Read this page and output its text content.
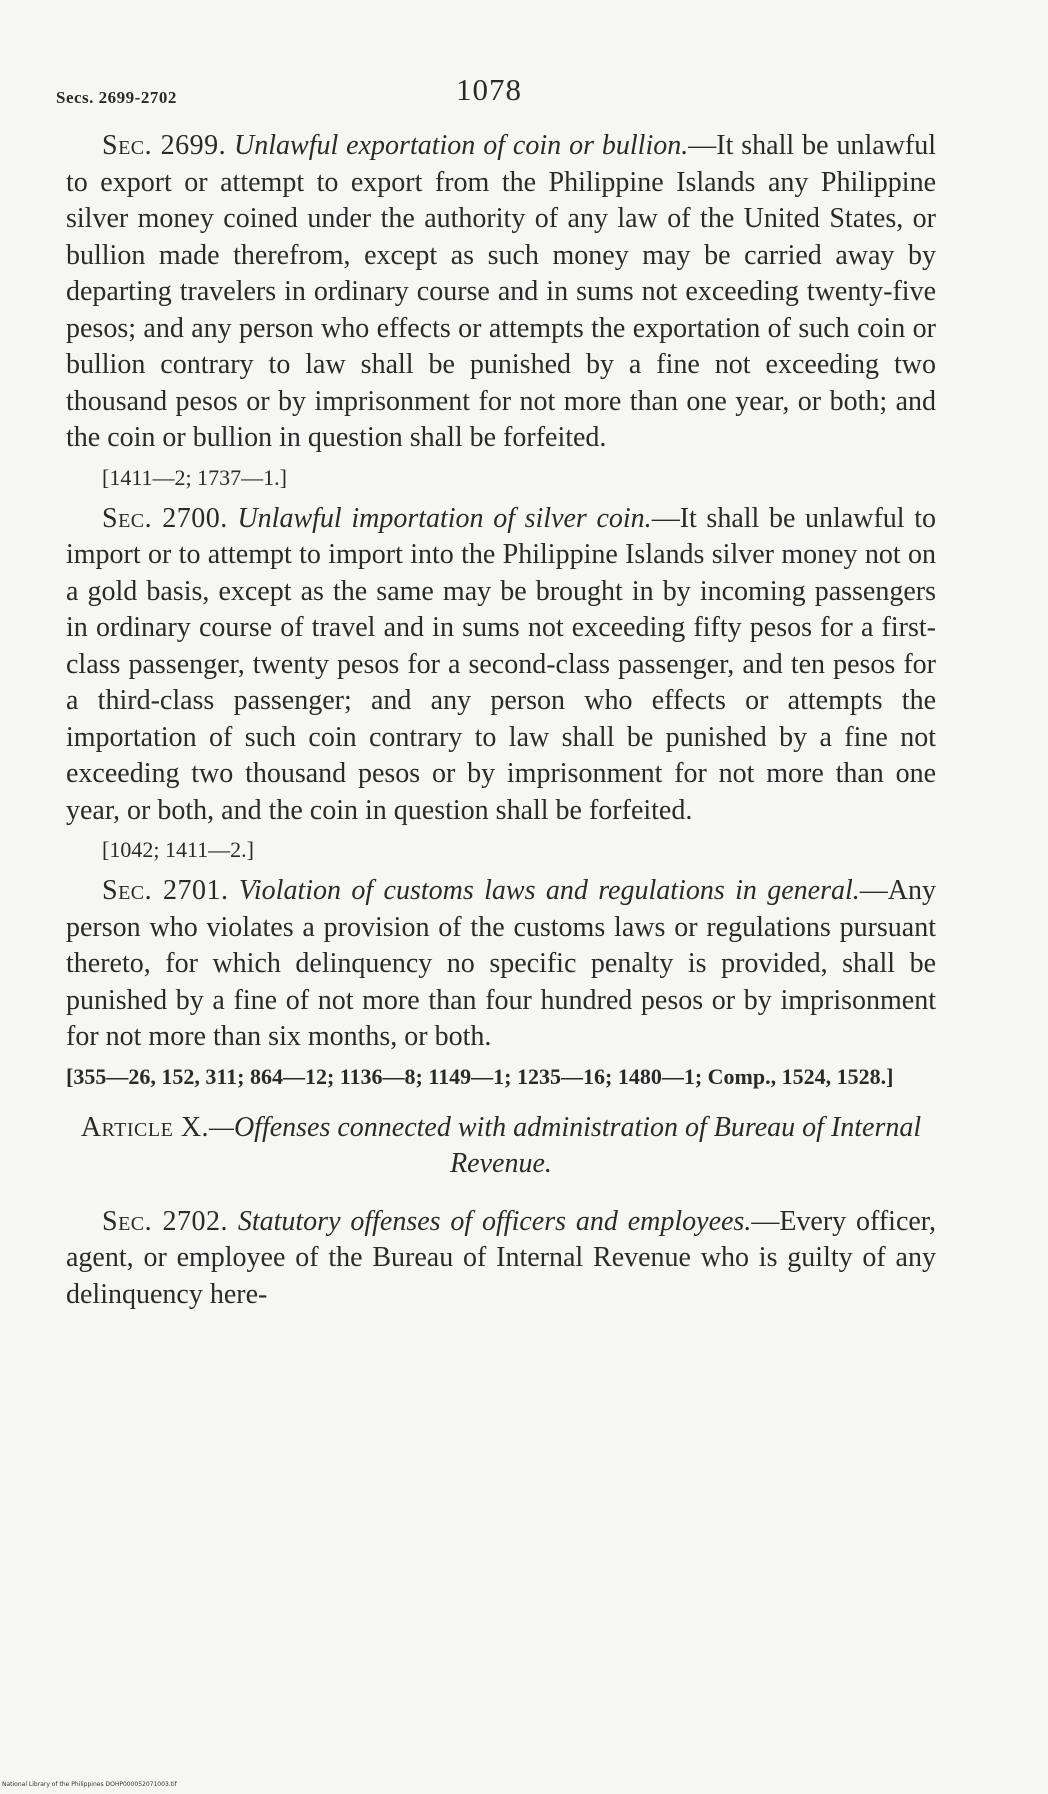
Secs. 2699-2702	1078

Sec. 2699. Unlawful exportation of coin or bullion.—It shall be unlawful to export or attempt to export from the Philippine Islands any Philippine silver money coined under the authority of any law of the United States, or bullion made therefrom, except as such money may be carried away by departing travelers in ordinary course and in sums not exceeding twenty-five pesos; and any person who effects or attempts the exportation of such coin or bullion contrary to law shall be punished by a fine not exceeding two thousand pesos or by imprisonment for not more than one year, or both; and the coin or bullion in question shall be forfeited.

[1411—2; 1737—1.]

Sec. 2700. Unlawful importation of silver coin.—It shall be unlawful to import or to attempt to import into the Philippine Islands silver money not on a gold basis, except as the same may be brought in by incoming passengers in ordinary course of travel and in sums not exceeding fifty pesos for a first-class passenger, twenty pesos for a second-class passenger, and ten pesos for a third-class passenger; and any person who effects or attempts the importation of such coin contrary to law shall be punished by a fine not exceeding two thousand pesos or by imprisonment for not more than one year, or both, and the coin in question shall be forfeited.

[1042; 1411—2.]

Sec. 2701. Violation of customs laws and regulations in general.—Any person who violates a provision of the customs laws or regulations pursuant thereto, for which delinquency no specific penalty is provided, shall be punished by a fine of not more than four hundred pesos or by imprisonment for not more than six months, or both.

[355—26, 152, 311; 864—12; 1136—8; 1149—1; 1235—16; 1480—1; Comp., 1524, 1528.]
Article X.—Offenses connected with administration of Bureau of Internal Revenue.

Sec. 2702. Statutory offenses of officers and employees.—Every officer, agent, or employee of the Bureau of Internal Revenue who is guilty of any delinquency here-

National Library of the Philippines DOHP000052071003.tif
